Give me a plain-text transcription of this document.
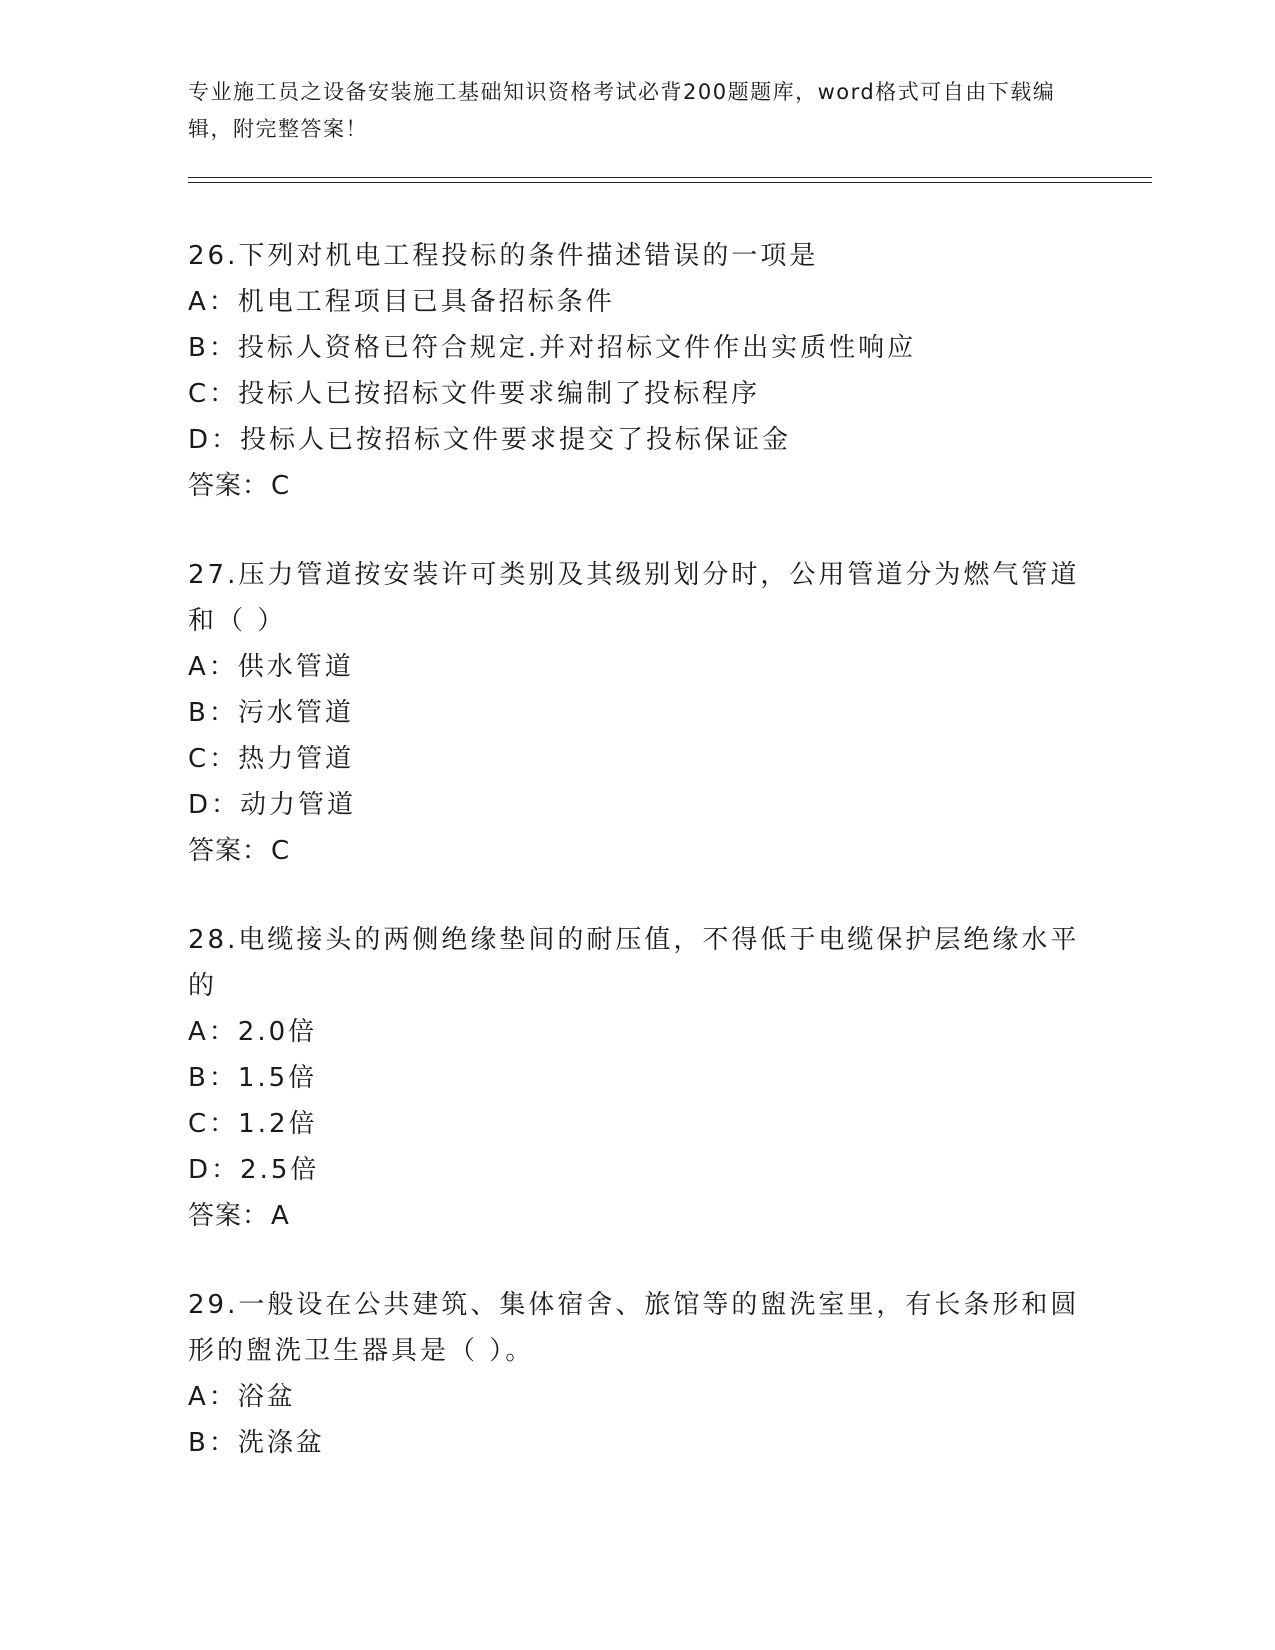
专业施工员之设备安装施工基础知识资格考试必背200题题库，word格式可自由下载编辑，附完整答案！
26.下列对机电工程投标的条件描述错误的一项是
A：机电工程项目已具备招标条件
B：投标人资格已符合规定.并对招标文件作出实质性响应
C：投标人已按招标文件要求编制了投标程序
D：投标人已按招标文件要求提交了投标保证金
答案：C
27.压力管道按安装许可类别及其级别划分时，公用管道分为燃气管道和（ ）
A：供水管道
B：污水管道
C：热力管道
D：动力管道
答案：C
28.电缆接头的两侧绝缘垫间的耐压值，不得低于电缆保护层绝缘水平的
A：2.0倍
B：1.5倍
C：1.2倍
D：2.5倍
答案：A
29.一般设在公共建筑、集体宿舍、旅馆等的盥洗室里，有长条形和圆形的盥洗卫生器具是（ ）。
A：浴盆
B：洗涤盆
